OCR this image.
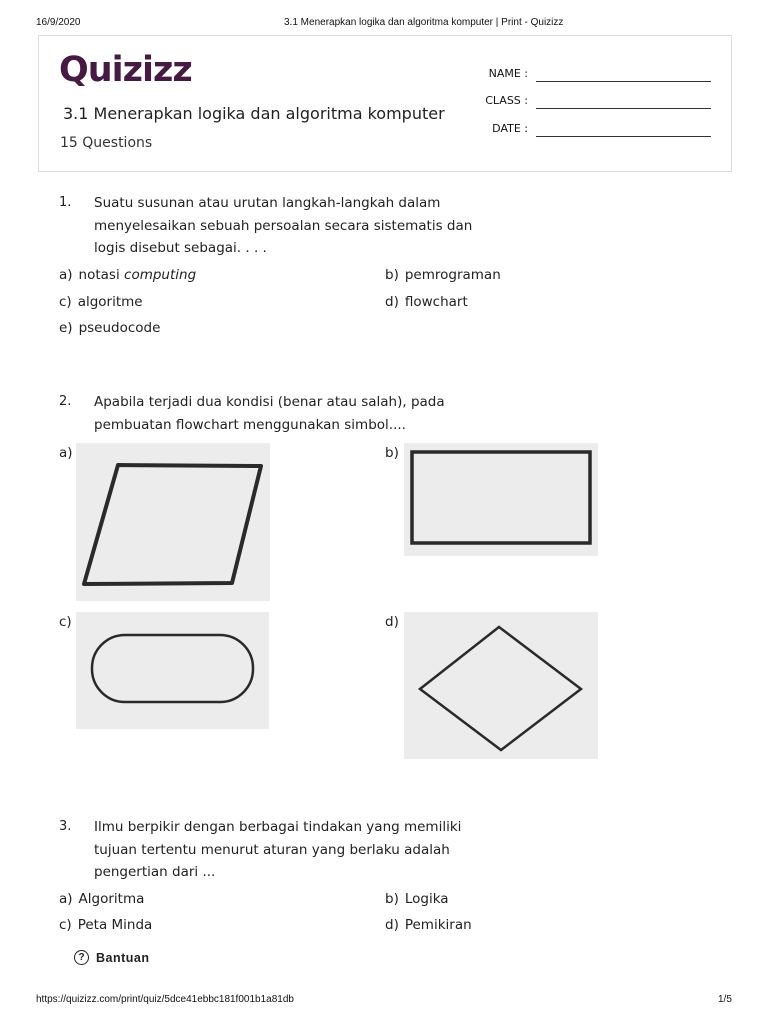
16/9/2020	3.1 Menerapkan logika dan algoritma komputer | Print - Quizizz
Quizizz
3.1 Menerapkan logika dan algoritma komputer
15 Questions
NAME :
CLASS :
DATE :
1. Suatu susunan atau urutan langkah-langkah dalam
menyelesaikan sebuah persoalan secara sistematis dan
logis disebut sebagai. . . .
a) notasi computing	b) pemrograman
c) algoritme	d) flowchart
e) pseudocode
2. Apabila terjadi dua kondisi (benar atau salah), pada
pembuatan flowchart menggunakan simbol....
a)	b)
c)	d)
3. Ilmu berpikir dengan berbagai tindakan yang memiliki
tujuan tertentu menurut aturan yang berlaku adalah
pengertian dari ...
a) Algoritma	b) Logika
c) Peta Minda	d) Pemikiran
? Bantuan
https://quizizz.com/print/quiz/5dce41ebbc181f001b1a81db	1/5
